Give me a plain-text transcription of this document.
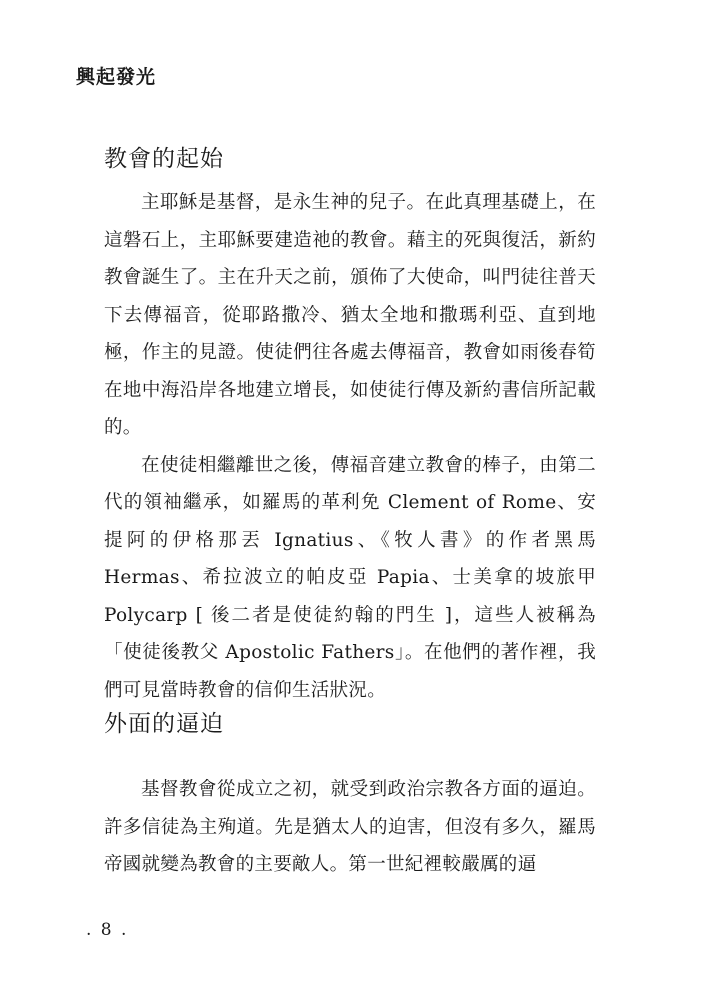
興起發光
教會的起始

主耶穌是基督，是永生神的兒子。在此真理基礎上，在這磐石上，主耶穌要建造祂的教會。藉主的死與復活，新約教會誕生了。主在升天之前，頒佈了大使命，叫門徒往普天下去傳福音，從耶路撒冷、猶太全地和撒瑪利亞、直到地極，作主的見證。使徒們往各處去傳福音，教會如雨後春筍在地中海沿岸各地建立增長，如使徒行傳及新約書信所記載的。

在使徒相繼離世之後，傳福音建立教會的棒子，由第二代的領袖繼承，如羅馬的革利免 Clement of Rome、安提阿的伊格那丟 Ignatius、《牧人書》的作者黑馬 Hermas、希拉波立的帕皮亞 Papia、士美拿的坡旅甲 Polycarp [ 後二者是使徒約翰的門生 ]，這些人被稱為「使徒後教父 Apostolic Fathers」。在他們的著作裡，我們可見當時教會的信仰生活狀況。

外面的逼迫

基督教會從成立之初，就受到政治宗教各方面的逼迫。許多信徒為主殉道。先是猶太人的迫害，但沒有多久，羅馬帝國就變為教會的主要敵人。第一世紀裡較嚴厲的逼

. 8 .
